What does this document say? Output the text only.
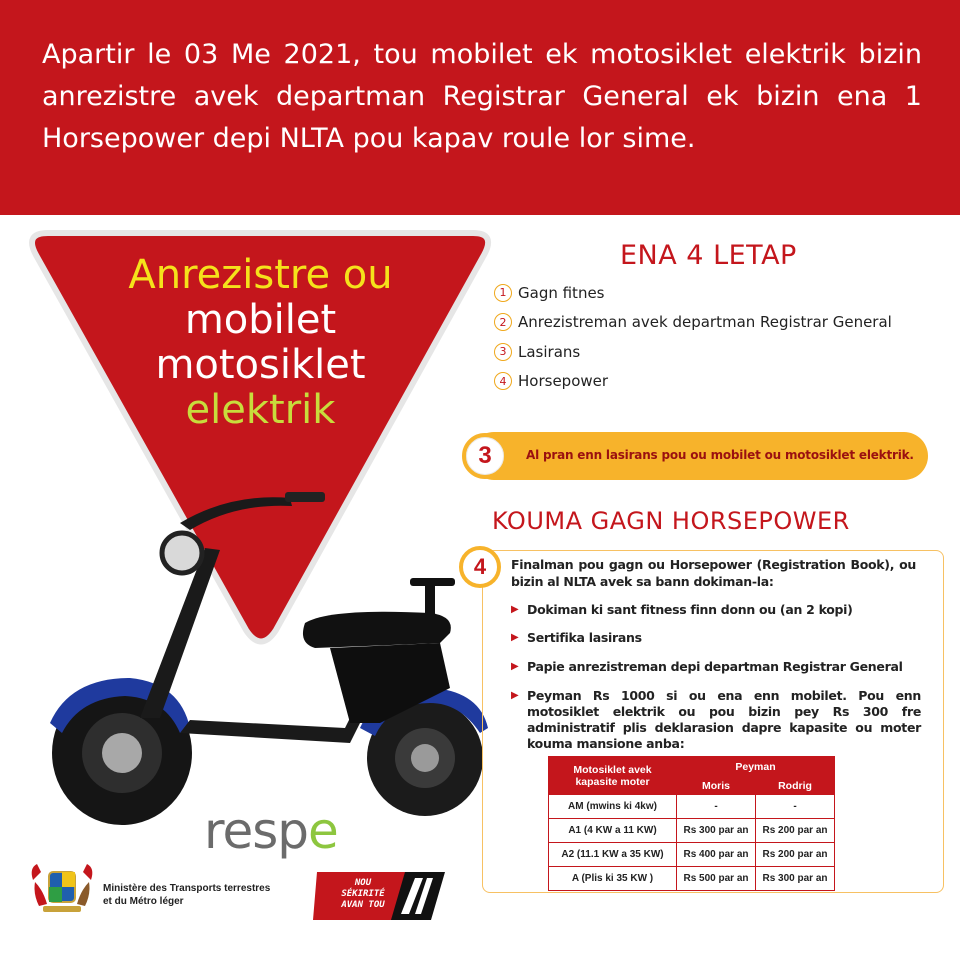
Apartir le 03 Me 2021, tou mobilet ek motosiklet elektrik bizin anrezistre avek departman Registrar General ek bizin ena 1 Horsepower depi NLTA pou kapav roule lor sime.

Anrezistre ou
mobilet
motosiklet
elektrik
respe
Ministère des Transports terrestres
et du Métro léger
NOU
SÉKIRITÉ
AVAN TOU
ENA 4 LETAP
1 Gagn fitnes
2 Anrezistreman avek departman Registrar General
3 Lasirans
4 Horsepower
3	Al pran enn lasirans pou ou mobilet ou motosiklet elektrik.
KOUMA GAGN HORSEPOWER
4	Finalman pou gagn ou Horsepower (Registration Book), ou bizin al NLTA avek sa bann dokiman-la:

▶ Dokiman ki sant fitness finn donn ou (an 2 kopi)
▶ Sertifika lasirans
▶ Papie anrezistreman depi departman Registrar General
▶ Peyman Rs 1000 si ou ena enn mobilet. Pou enn motosiklet elektrik ou pou bizin pey Rs 300 fre administratif plis deklarasion dapre kapasite ou moter kouma mansione anba:
Motosiklet avek kapasite moter	Peyman	
	Moris	Rodrig
AM (mwins ki 4kw)	-	-
A1 (4 KW a 11 KW)	Rs 300 par an	Rs 200 par an
A2 (11.1 KW a 35 KW)	Rs 400 par an	Rs 200 par an
A (Plis ki 35 KW )	Rs 500 par an	Rs 300 par an
